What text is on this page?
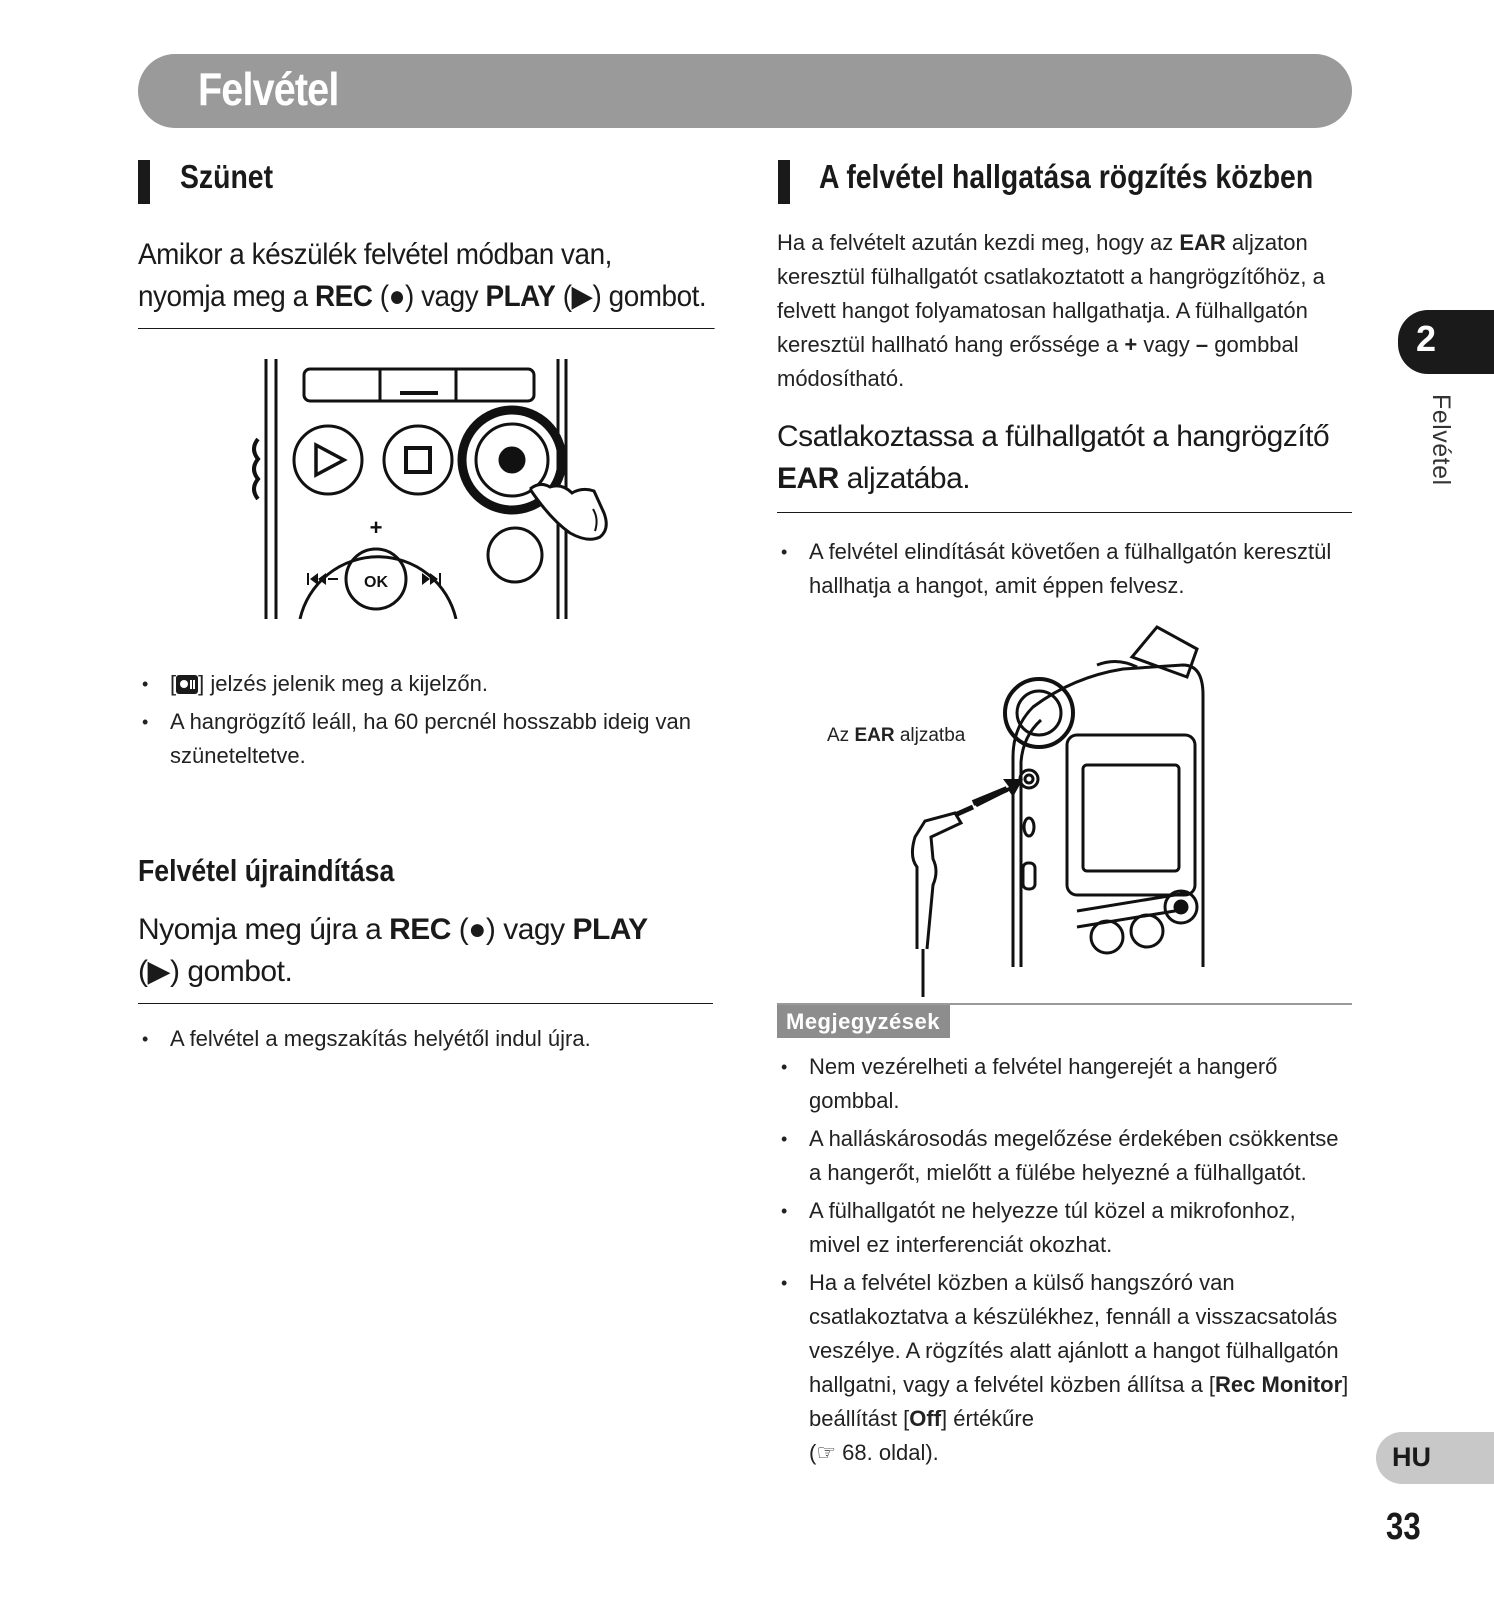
Felvétel
Szünet
Amikor a készülék felvétel módban van,
nyomja meg a REC (●) vagy PLAY (▶) gombot.
OK
+
• [ ] jelzés jelenik meg a kijelzőn.
• A hangrögzítő leáll, ha 60 percnél hosszabb ideig van szüneteltetve.
Felvétel újraindítása
Nyomja meg újra a REC (●) vagy PLAY
(▶) gombot.
• A felvétel a megszakítás helyétől indul újra.
A felvétel hallgatása rögzítés közben
Ha a felvételt azután kezdi meg, hogy az EAR aljzaton keresztül fülhallgatót csatlakoztatott a hangrögzítőhöz, a felvett hangot folyamatosan hallgathatja. A fülhallgatón keresztül hallható hang erőssége a + vagy – gombbal módosítható.
Csatlakoztassa a fülhallgatót a hangrögzítő EAR aljzatába.
• A felvétel elindítását követően a fülhallgatón keresztül hallhatja a hangot, amit éppen felvesz.
Az EAR aljzatba
Megjegyzések
• Nem vezérelheti a felvétel hangerejét a hangerő gombbal.
• A halláskárosodás megelőzése érdekében csökkentse a hangerőt, mielőtt a fülébe helyezné a fülhallgatót.
• A fülhallgatót ne helyezze túl közel a mikrofonhoz, mivel ez interferenciát okozhat.
• Ha a felvétel közben a külső hangszóró van csatlakoztatva a készülékhez, fennáll a visszacsatolás veszélye. A rögzítés alatt ajánlott a hangot fülhallgatón hallgatni, vagy a felvétel közben állítsa a [Rec Monitor] beállítást [Off] értékűre
(☞ 68. oldal).
2
Felvétel
HU
33
